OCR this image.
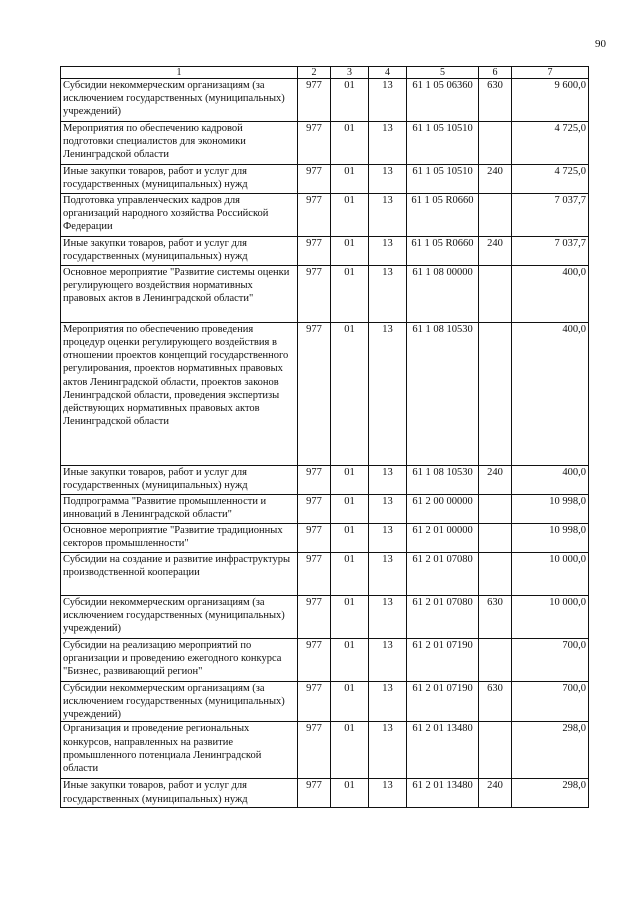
90
1	2	3	4	5	6	7
Субсидии некоммерческим организациям (за исключением государственных (муниципальных) учреждений)	977	01	13	61 1 05 06360	630	9 600,0
Мероприятия по обеспечению кадровой подготовки специалистов для экономики Ленинградской области	977	01	13	61 1 05 10510		4 725,0
Иные закупки товаров, работ и услуг для государственных (муниципальных) нужд	977	01	13	61 1 05 10510	240	4 725,0
Подготовка управленческих кадров для организаций народного хозяйства Российской Федерации	977	01	13	61 1 05 R0660		7 037,7
Иные закупки товаров, работ и услуг для государственных (муниципальных) нужд	977	01	13	61 1 05 R0660	240	7 037,7
Основное мероприятие "Развитие системы оценки регулирующего воздействия нормативных правовых актов в Ленинградской области"	977	01	13	61 1 08 00000		400,0
Мероприятия по обеспечению проведения процедур оценки регулирующего воздействия в отношении проектов концепций государственного регулирования, проектов нормативных правовых актов Ленинградской области, проектов законов Ленинградской области, проведения экспертизы действующих нормативных правовых актов Ленинградской области	977	01	13	61 1 08 10530		400,0
Иные закупки товаров, работ и услуг для государственных (муниципальных) нужд	977	01	13	61 1 08 10530	240	400,0
Подпрограмма "Развитие промышленности и инноваций в Ленинградской области"	977	01	13	61 2 00 00000		10 998,0
Основное мероприятие "Развитие традиционных секторов промышленности"	977	01	13	61 2 01 00000		10 998,0
Субсидии на создание и развитие инфраструктуры производственной кооперации	977	01	13	61 2 01 07080		10 000,0
Субсидии некоммерческим организациям (за исключением государственных (муниципальных) учреждений)	977	01	13	61 2 01 07080	630	10 000,0
Субсидии на реализацию мероприятий по организации и проведению ежегодного конкурса "Бизнес, развивающий регион"	977	01	13	61 2 01 07190		700,0
Субсидии некоммерческим организациям (за исключением государственных (муниципальных) учреждений)	977	01	13	61 2 01 07190	630	700,0
Организация и проведение региональных конкурсов, направленных на развитие промышленного потенциала Ленинградской области	977	01	13	61 2 01 13480		298,0
Иные закупки товаров, работ и услуг для государственных (муниципальных) нужд	977	01	13	61 2 01 13480	240	298,0
